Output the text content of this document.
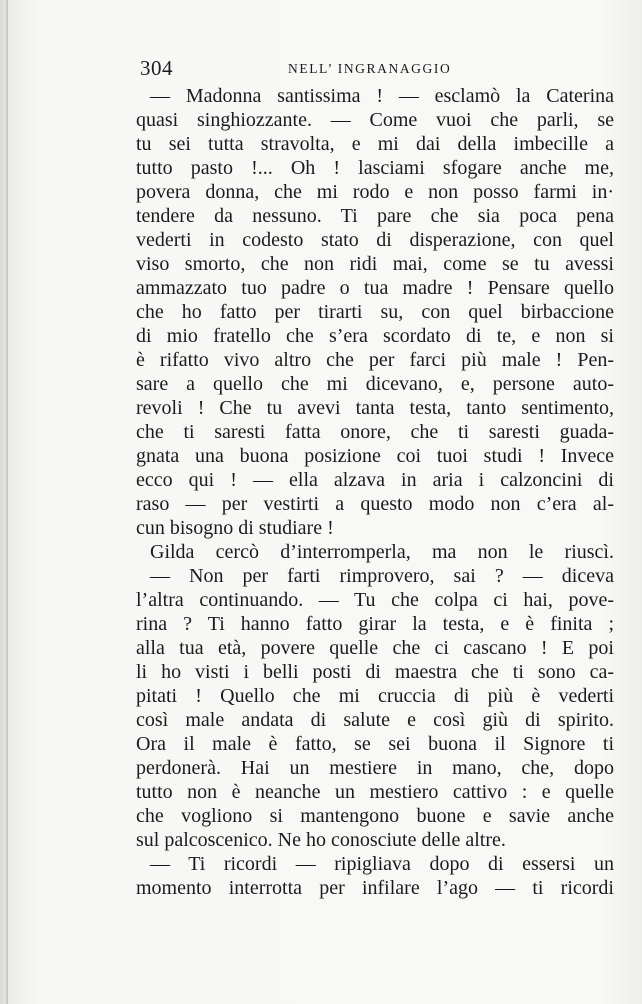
304	NELL’ INGRANAGGIO
— Madonna santissima ! — esclamò la Caterina
quasi singhiozzante. — Come vuoi che parli, se
tu sei tutta stravolta, e mi dai della imbecille a
tutto pasto !... Oh ! lasciami sfogare anche me,
povera donna, che mi rodo e non posso farmi in·
tendere da nessuno. Ti pare che sia poca pena
vederti in codesto stato di disperazione, con quel
viso smorto, che non ridi mai, come se tu avessi
ammazzato tuo padre o tua madre ! Pensare quello
che ho fatto per tirarti su, con quel birbaccione
di mio fratello che s’era scordato di te, e non si
è rifatto vivo altro che per farci più male ! Pen-
sare a quello che mi dicevano, e, persone auto-
revoli ! Che tu avevi tanta testa, tanto sentimento,
che ti saresti fatta onore, che ti saresti guada-
gnata una buona posizione coi tuoi studi ! Invece
ecco qui ! — ella alzava in aria i calzoncini di
raso — per vestirti a questo modo non c’era al-
cun bisogno di studiare !
Gilda cercò d’interromperla, ma non le riuscì.
— Non per farti rimprovero, sai ? — diceva
l’altra continuando. — Tu che colpa ci hai, pove-
rina ? Ti hanno fatto girar la testa, e è finita ;
alla tua età, povere quelle che ci cascano ! E poi
li ho visti i belli posti di maestra che ti sono ca-
pitati ! Quello che mi cruccia di più è vederti
così male andata di salute e così giù di spirito.
Ora il male è fatto, se sei buona il Signore ti
perdonerà. Hai un mestiere in mano, che, dopo
tutto non è neanche un mestiero cattivo : e quelle
che vogliono si mantengono buone e savie anche
sul palcoscenico. Ne ho conosciute delle altre.
— Ti ricordi — ripigliava dopo di essersi un
momento interrotta per infilare l’ago — ti ricordi
